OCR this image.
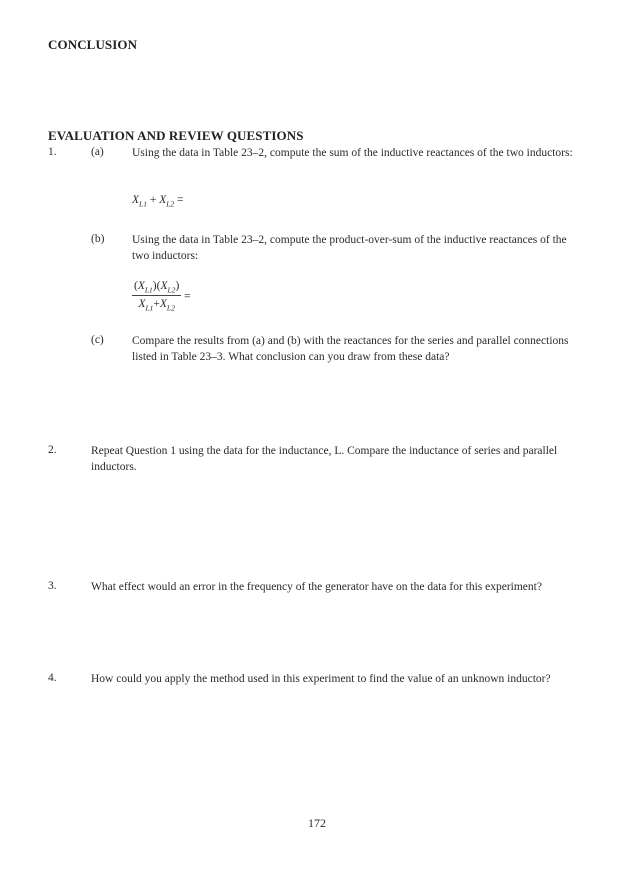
CONCLUSION
EVALUATION AND REVIEW QUESTIONS
1.	(a) Using the data in Table 23–2, compute the sum of the inductive reactances of the two inductors:
$X_{L1} + X_{L2}$ =
(b) Using the data in Table 23–2, compute the product-over-sum of the inductive reactances of the two inductors:
$\frac{(X_{L1})(X_{L2})}{X_{L1}+X_{L2}}$ =
(c) Compare the results from (a) and (b) with the reactances for the series and parallel connections listed in Table 23–3. What conclusion can you draw from these data?
2.	Repeat Question 1 using the data for the inductance, L. Compare the inductance of series and parallel inductors.
3.	What effect would an error in the frequency of the generator have on the data for this experiment?
4.	How could you apply the method used in this experiment to find the value of an unknown inductor?
172
